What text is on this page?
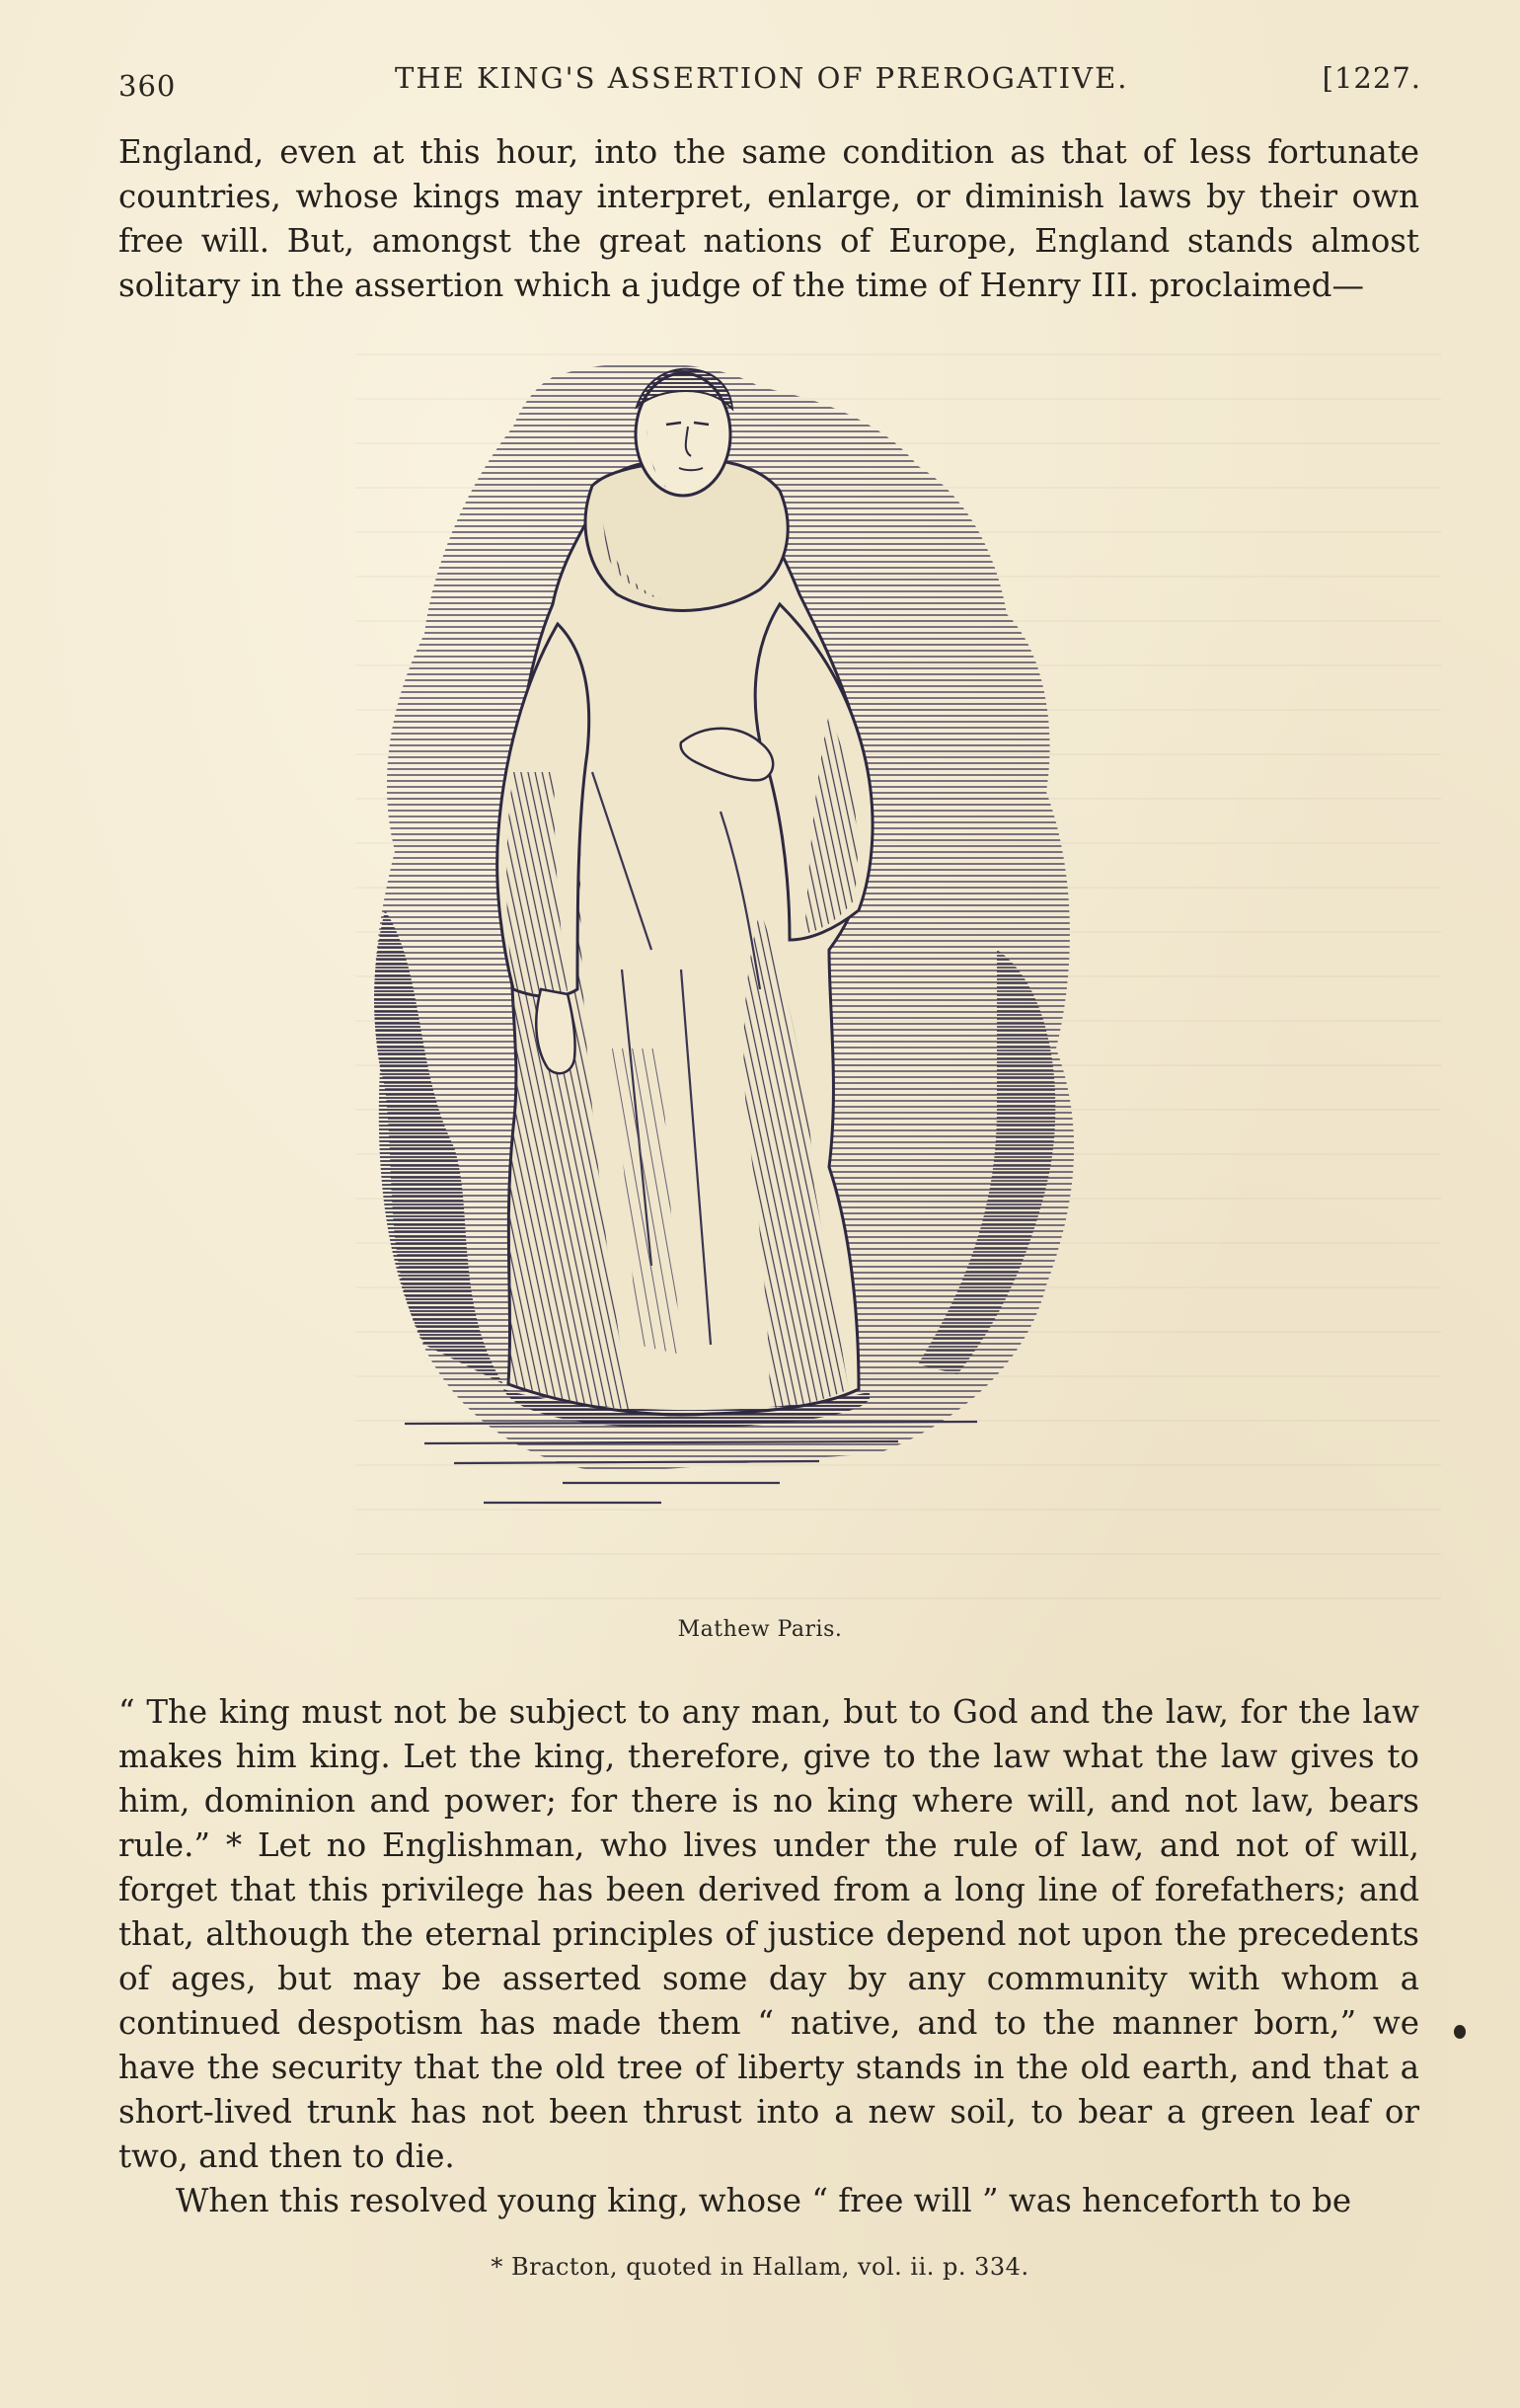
360	THE KING'S ASSERTION OF PREROGATIVE.	[1227.

England, even at this hour, into the same condition as that of less fortunate countries, whose kings may interpret, enlarge, or diminish laws by their own free will. But, amongst the great nations of Europe, England stands almost solitary in the assertion which a judge of the time of Henry III. proclaimed—

Mathew Paris.

“ The king must not be subject to any man, but to God and the law, for the law makes him king. Let the king, therefore, give to the law what the law gives to him, dominion and power; for there is no king where will, and not law, bears rule.” * Let no Englishman, who lives under the rule of law, and not of will, forget that this privilege has been derived from a long line of forefathers; and that, although the eternal principles of justice depend not upon the precedents of ages, but may be asserted some day by any community with whom a continued despotism has made them “ native, and to the manner born,” we have the security that the old tree of liberty stands in the old earth, and that a short-lived trunk has not been thrust into a new soil, to bear a green leaf or two, and then to die.

When this resolved young king, whose “ free will ” was henceforth to be

* Bracton, quoted in Hallam, vol. ii. p. 334.
